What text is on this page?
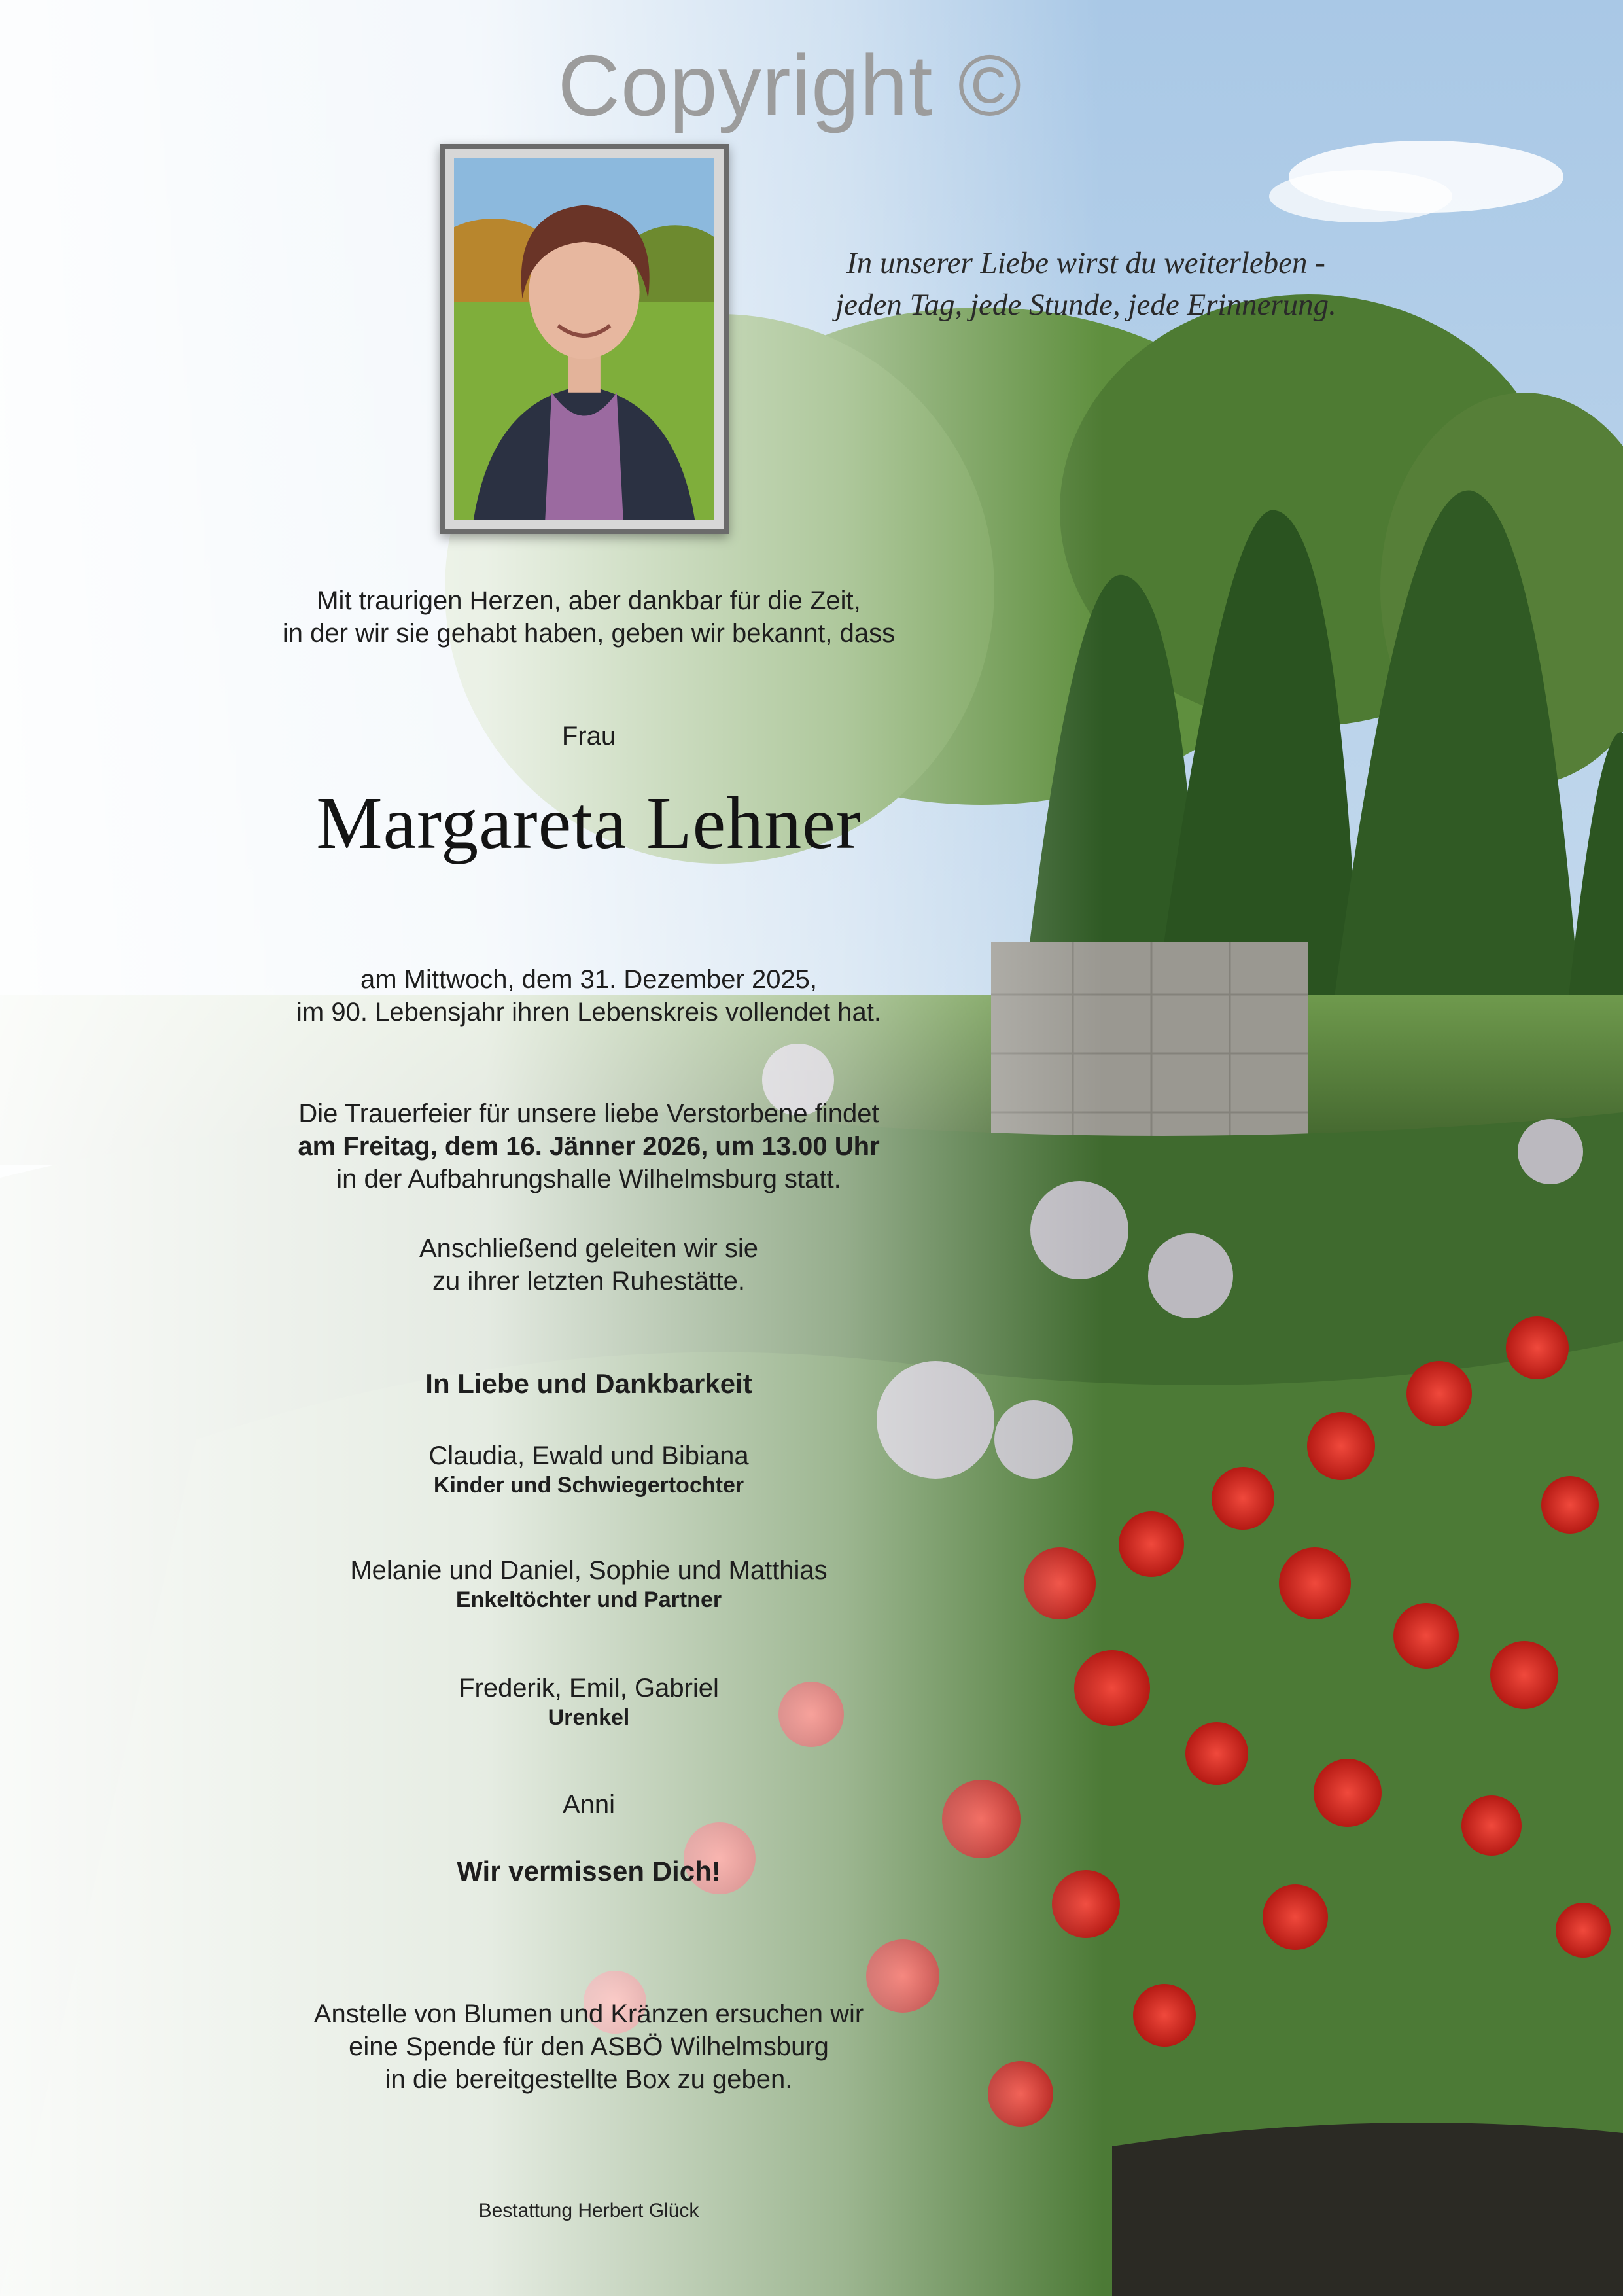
Copyright ©

In unserer Liebe wirst du weiterleben -

jeden Tag, jede Stunde, jede Erinnerung.

Mit traurigen Herzen, aber dankbar für die Zeit,

in der wir sie gehabt haben, geben wir bekannt, dass

Frau
Margareta Lehner

am Mittwoch, dem 31. Dezember 2025,

im 90. Lebensjahr ihren Lebenskreis vollendet hat.

Die Trauerfeier für unsere liebe Verstorbene findet

am Freitag, dem 16. Jänner 2026, um 13.00 Uhr

in der Aufbahrungshalle Wilhelmsburg statt.

Anschließend geleiten wir sie

zu ihrer letzten Ruhestätte.

In Liebe und Dankbarkeit

Claudia, Ewald und Bibiana

Kinder und Schwiegertochter

Melanie und Daniel, Sophie und Matthias

Enkeltöchter und Partner

Frederik, Emil, Gabriel

Urenkel

Anni
Wir vermissen Dich!

Anstelle von Blumen und Kränzen ersuchen wir

eine Spende für den ASBÖ Wilhelmsburg

in die bereitgestellte Box zu geben.

Bestattung Herbert Glück
